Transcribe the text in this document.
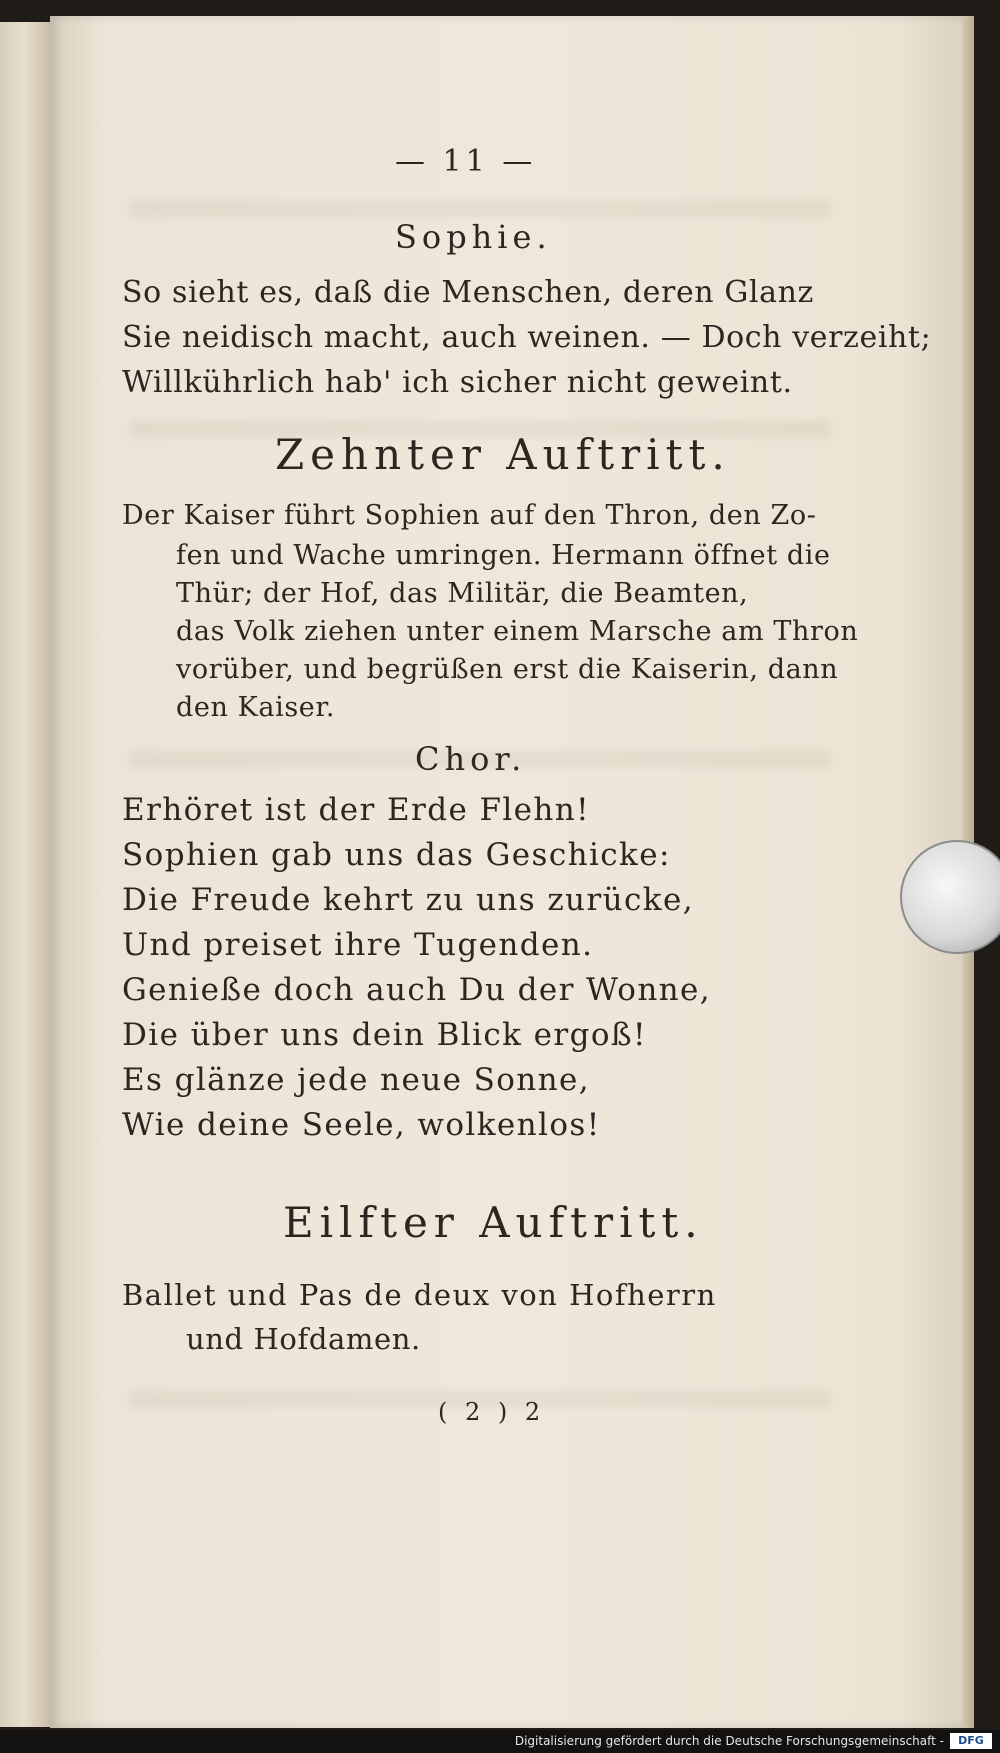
— 11 —
Sophie.
So sieht es, daß die Menschen, deren Glanz
Sie neidisch macht, auch weinen. — Doch verzeiht;
Willkührlich hab' ich sicher nicht geweint.
Zehnter Auftritt.
Der Kaiser führt Sophien auf den Thron, den Zo-
fen und Wache umringen. Hermann öffnet die
Thür; der Hof, das Militär, die Beamten,
das Volk ziehen unter einem Marsche am Thron
vorüber, und begrüßen erst die Kaiserin, dann
den Kaiser.
Chor.
Erhöret ist der Erde Flehn!
Sophien gab uns das Geschicke:
Die Freude kehrt zu uns zurücke,
Und preiset ihre Tugenden.
Genieße doch auch Du der Wonne,
Die über uns dein Blick ergoß!
Es glänze jede neue Sonne,
Wie deine Seele, wolkenlos!
Eilfter Auftritt.
Ballet und Pas de deux von Hofherrn
und Hofdamen.
( 2 ) 2
Digitalisierung gefördert durch die Deutsche Forschungsgemeinschaft -	DFG
